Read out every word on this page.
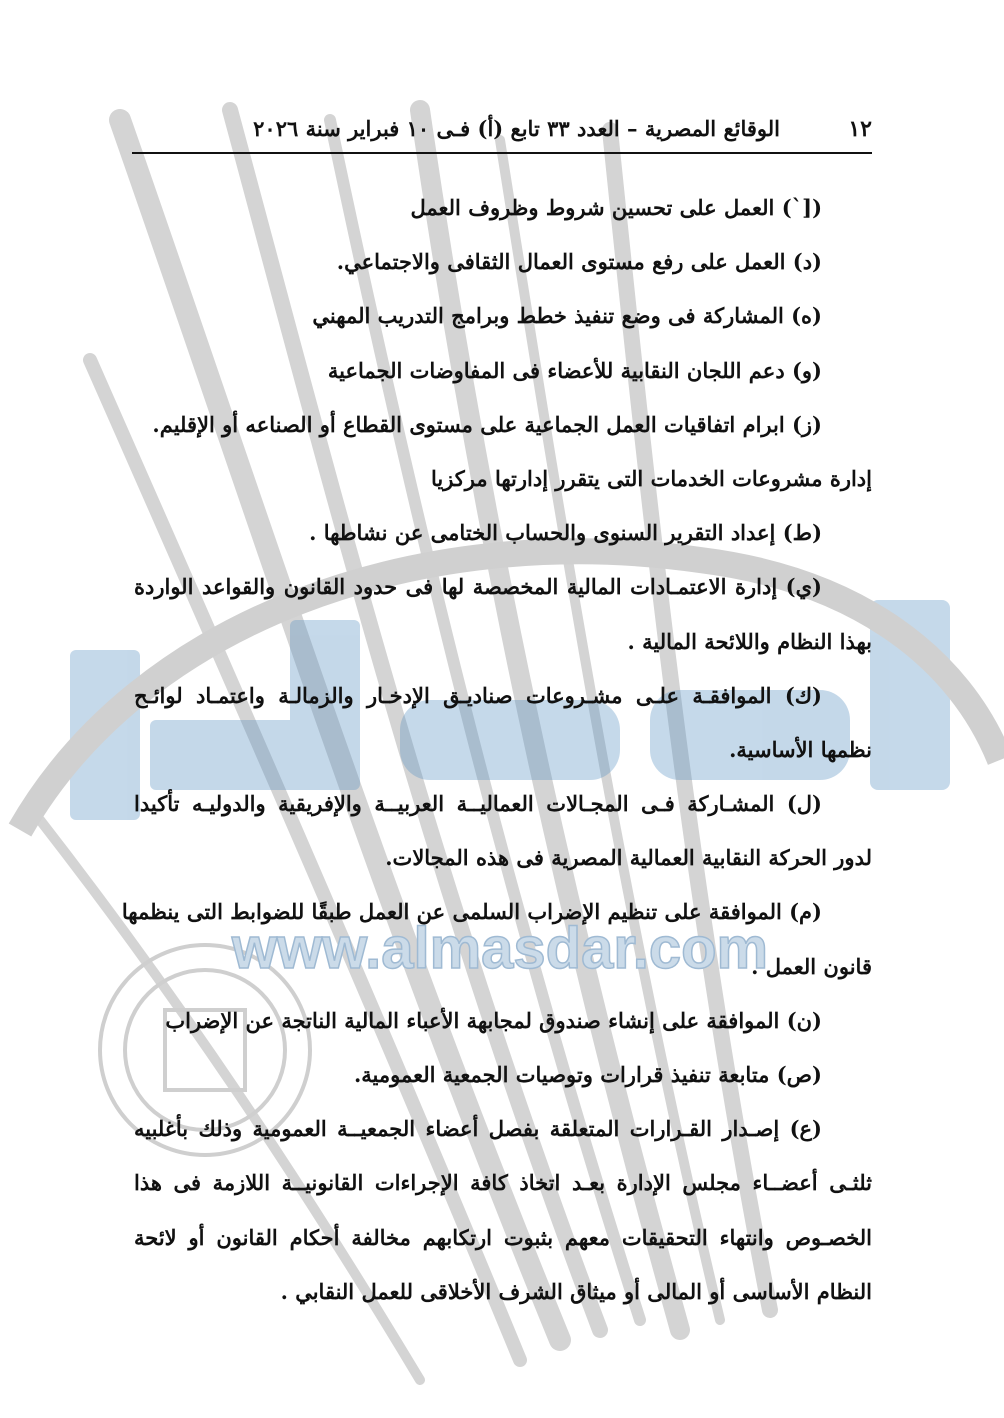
www.almasdar.com
١٢
الوقائع المصرية – العدد ٣٣ تابع (أ) فـى ١٠ فبراير سنة ٢٠٢٦
([`) العمل على تحسين شروط وظروف العمل
(د) العمل على رفع مستوى العمال الثقافى والاجتماعي.
(ه) المشاركة فى وضع تنفيذ خطط وبرامج التدريب المهني
(و) دعم اللجان النقابية للأعضاء فى المفاوضات الجماعية
(ز) ابرام اتفاقيات العمل الجماعية على مستوى القطاع أو الصناعه أو الإقليم.
إدارة مشروعات الخدمات التى يتقرر إدارتها مركزيا
(ط) إعداد التقرير السنوى والحساب الختامى عن نشاطها .
(ي) إدارة الاعتمـادات المالية المخصصة لها فى حدود القانون والقواعد الواردة
بهذا النظام واللائحة المالية .
(ك) الموافقـة علـى مشـروعات صناديـق الإدخـار والزمالـة واعتمـاد لوائـح
نظمها الأساسية.
(ل) المشـاركة فـى المجـالات العماليــة العربيــة والإفريقية والدوليـه تأكيدا
لدور الحركة النقابية العمالية المصرية فى هذه المجالات.
(م) الموافقة على تنظيم الإضراب السلمى عن العمل طبقًا للضوابط التى ينظمها
قانون العمل .
(ن) الموافقة على إنشاء صندوق لمجابهة الأعباء المالية الناتجة عن الإضراب
(ص) متابعة تنفيذ قرارات وتوصيات الجمعية العمومية.
(ع) إصـدار القـرارات المتعلقة بفصل أعضاء الجمعيــة العمومية وذلك بأغلبيه
ثلثـى أعضــاء مجلس الإدارة بعـد اتخاذ كافة الإجراءات القانونيــة اللازمة فى هذا
الخصـوص وانتهاء التحقيقات معهم بثبوت ارتكابهم مخالفة أحكام القانون أو لائحة
النظام الأساسى أو المالى أو ميثاق الشرف الأخلاقى للعمل النقابي .
